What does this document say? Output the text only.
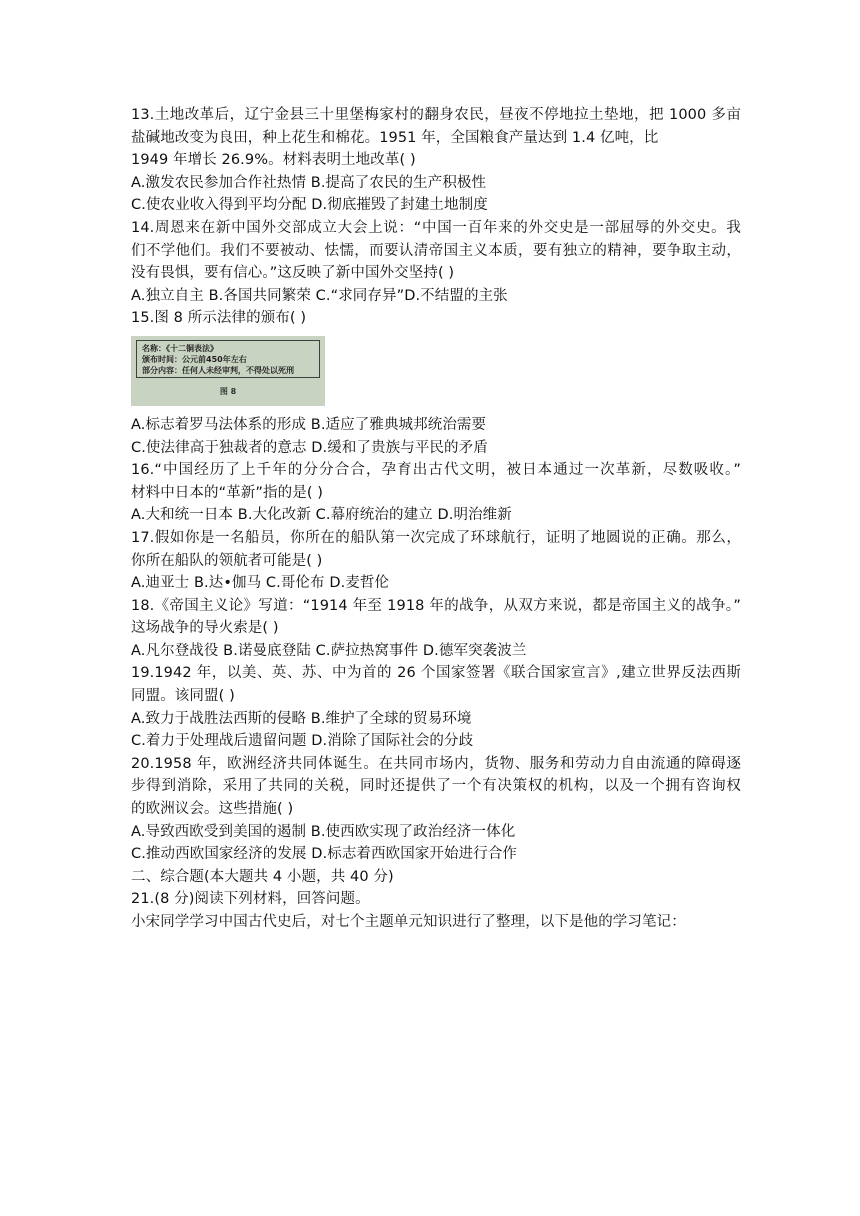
13.土地改革后，辽宁金县三十里堡梅家村的翻身农民，昼夜不停地拉土垫地，把 1000 多亩
盐碱地改变为良田，种上花生和棉花。1951 年，全国粮食产量达到 1.4 亿吨，比
1949 年增长 26.9%。材料表明土地改革( )
A.激发农民参加合作社热情 B.提高了农民的生产积极性
C.使农业收入得到平均分配 D.彻底摧毁了封建土地制度
14.周恩来在新中国外交部成立大会上说：“中国一百年来的外交史是一部屈辱的外交史。我
们不学他们。我们不要被动、怯懦，而要认清帝国主义本质，要有独立的精神，要争取主动，
没有畏惧，要有信心。”这反映了新中国外交坚持( )
A.独立自主 B.各国共同繁荣 C.“求同存异”D.不结盟的主张
15.图 8 所示法律的颁布( )
名称：《十二铜表法》
颁布时间：公元前450年左右
部分内容：任何人未经审判，不得处以死刑
图 8
A.标志着罗马法体系的形成 B.适应了雅典城邦统治需要
C.使法律高于独裁者的意志 D.缓和了贵族与平民的矛盾
16.“中国经历了上千年的分分合合，孕育出古代文明，被日本通过一次革新，尽数吸收。”
材料中日本的“革新”指的是( )
A.大和统一日本 B.大化改新 C.幕府统治的建立 D.明治维新
17.假如你是一名船员，你所在的船队第一次完成了环球航行，证明了地圆说的正确。那么，
你所在船队的领航者可能是( )
A.迪亚士 B.达•伽马 C.哥伦布 D.麦哲伦
18.《帝国主义论》写道：“1914 年至 1918 年的战争，从双方来说，都是帝国主义的战争。”
这场战争的导火索是( )
A.凡尔登战役 B.诺曼底登陆 C.萨拉热窝事件 D.德军突袭波兰
19.1942 年，以美、英、苏、中为首的 26 个国家签署《联合国家宣言》,建立世界反法西斯
同盟。该同盟( )
A.致力于战胜法西斯的侵略 B.维护了全球的贸易环境
C.着力于处理战后遗留问题 D.消除了国际社会的分歧
20.1958 年，欧洲经济共同体诞生。在共同市场内，货物、服务和劳动力自由流通的障碍逐
步得到消除，采用了共同的关税，同时还提供了一个有决策权的机构，以及一个拥有咨询权
的欧洲议会。这些措施( )
A.导致西欧受到美国的遏制 B.使西欧实现了政治经济一体化
C.推动西欧国家经济的发展 D.标志着西欧国家开始进行合作
二、综合题(本大题共 4 小题，共 40 分)
21.(8 分)阅读下列材料，回答问题。
小宋同学学习中国古代史后，对七个主题单元知识进行了整理，以下是他的学习笔记：
